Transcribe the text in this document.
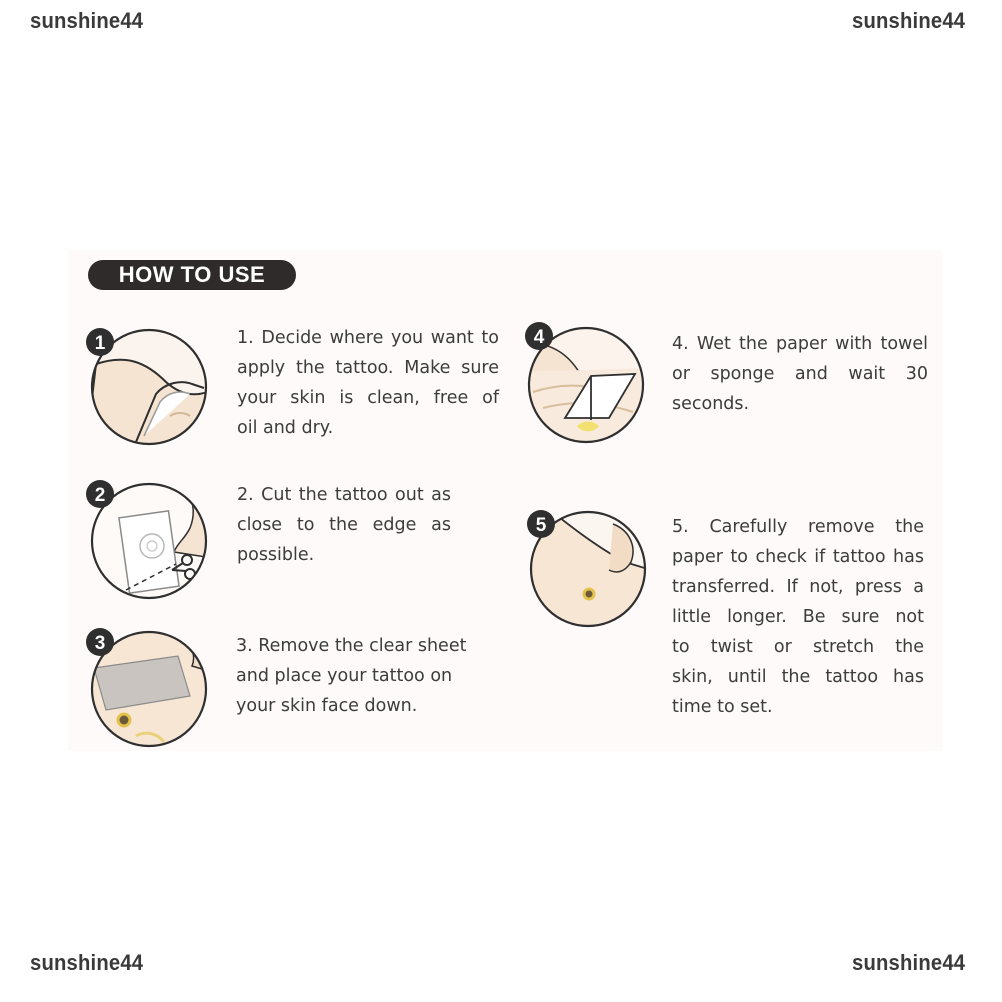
sunshine44	sunshine44
sunshine44	sunshine44
HOW TO USE
1	1. Decide where you want to
apply the tattoo. Make sure
your skin is clean, free of
oil and dry.
2	2. Cut the tattoo out as
close to the edge as
possible.
3	3. Remove the clear sheet
and place your tattoo on
your skin face down.
4	4. Wet the paper with towel
or sponge and wait 30
seconds.
5	5. Carefully remove the
paper to check if tattoo has
transferred. If not, press a
little longer. Be sure not
to twist or stretch the
skin, until the tattoo has
time to set.
